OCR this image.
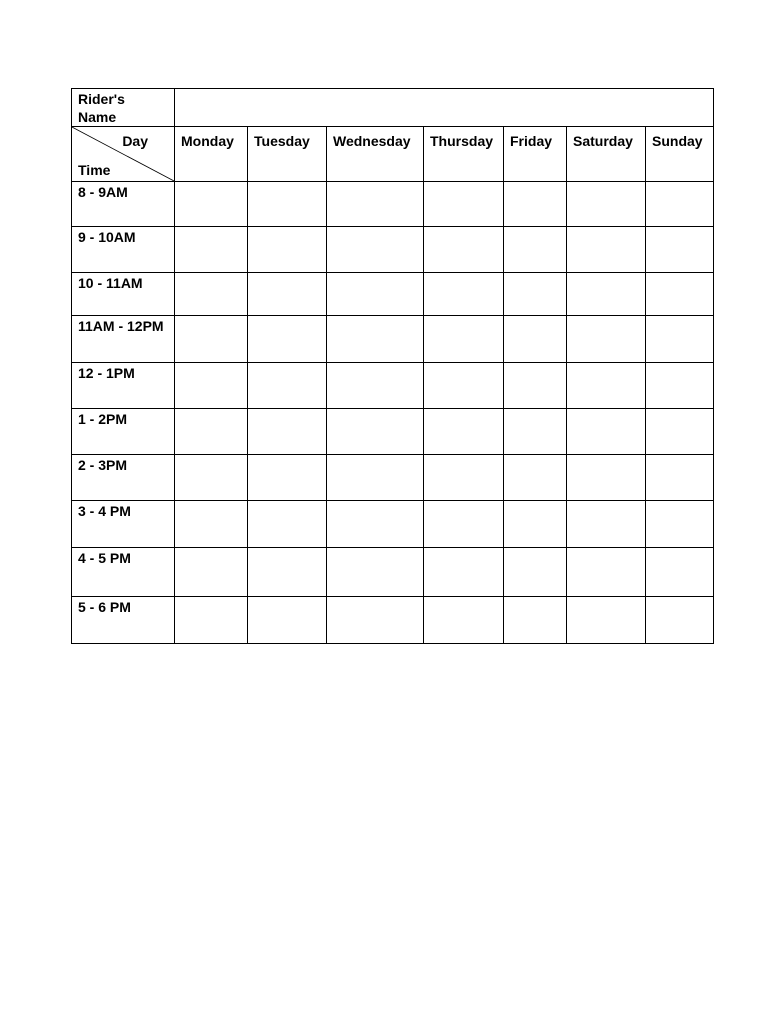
Rider's
Name							

Day
Time	Monday	Tuesday	Wednesday	Thursday	Friday	Saturday	Sunday
8 - 9AM							
9 - 10AM							
10 - 11AM							
11AM - 12PM							
12 - 1PM							
1 - 2PM							
2 - 3PM							
3 - 4 PM							
4 - 5 PM							
5 - 6 PM							
